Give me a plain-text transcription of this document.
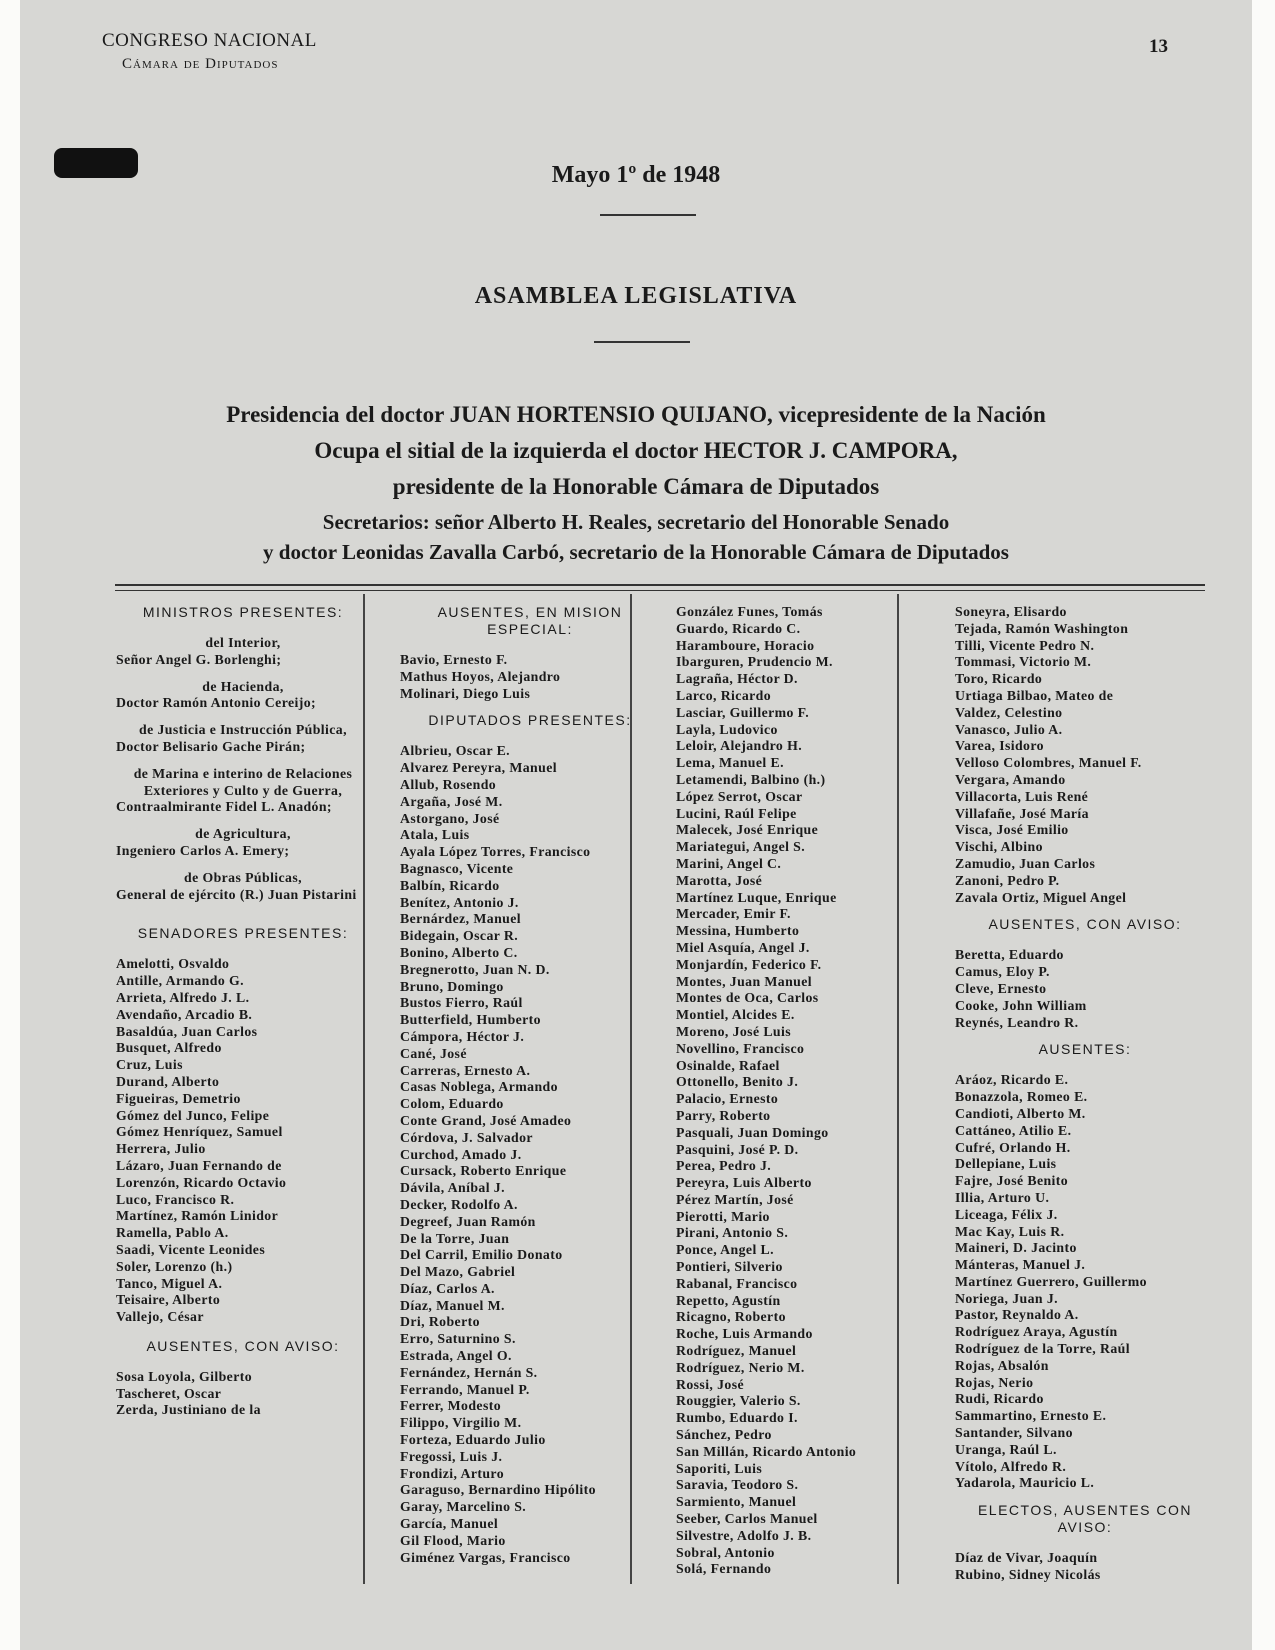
CONGRESO NACIONAL
Cámara de Diputados
13
Mayo 1º de 1948
ASAMBLEA LEGISLATIVA
Presidencia del doctor JUAN HORTENSIO QUIJANO, vicepresidente de la Nación
Ocupa el sitial de la izquierda el doctor HECTOR J. CAMPORA,
presidente de la Honorable Cámara de Diputados
Secretarios: señor Alberto H. Reales, secretario del Honorable Senado
y doctor Leonidas Zavalla Carbó, secretario de la Honorable Cámara de Diputados
MINISTROS PRESENTES:
del Interior,
Señor Angel G. Borlenghi;
de Hacienda,
Doctor Ramón Antonio Cereijo;
de Justicia e Instrucción Pública,
Doctor Belisario Gache Pirán;
de Marina e interino de Relaciones Exteriores y Culto y de Guerra,
Contraalmirante Fidel L. Anadón;
de Agricultura,
Ingeniero Carlos A. Emery;
de Obras Públicas,
General de ejército (R.) Juan Pistarini
SENADORES PRESENTES:
Amelotti, Osvaldo
Antille, Armando G.
Arrieta, Alfredo J. L.
Avendaño, Arcadio B.
Basaldúa, Juan Carlos
Busquet, Alfredo
Cruz, Luis
Durand, Alberto
Figueiras, Demetrio
Gómez del Junco, Felipe
Gómez Henríquez, Samuel
Herrera, Julio
Lázaro, Juan Fernando de
Lorenzón, Ricardo Octavio
Luco, Francisco R.
Martínez, Ramón Linidor
Ramella, Pablo A.
Saadi, Vicente Leonides
Soler, Lorenzo (h.)
Tanco, Miguel A.
Teisaire, Alberto
Vallejo, César
AUSENTES, CON AVISO:
Sosa Loyola, Gilberto
Tascheret, Oscar
Zerda, Justiniano de la
AUSENTES, EN MISION ESPECIAL:
Bavio, Ernesto F.
Mathus Hoyos, Alejandro
Molinari, Diego Luis
DIPUTADOS PRESENTES:
Albrieu, Oscar E.
Alvarez Pereyra, Manuel
Allub, Rosendo
Argaña, José M.
Astorgano, José
Atala, Luis
Ayala López Torres, Francisco
Bagnasco, Vicente
Balbín, Ricardo
Benítez, Antonio J.
Bernárdez, Manuel
Bidegain, Oscar R.
Bonino, Alberto C.
Bregnerotto, Juan N. D.
Bruno, Domingo
Bustos Fierro, Raúl
Butterfield, Humberto
Cámpora, Héctor J.
Cané, José
Carreras, Ernesto A.
Casas Noblega, Armando
Colom, Eduardo
Conte Grand, José Amadeo
Córdova, J. Salvador
Curchod, Amado J.
Cursack, Roberto Enrique
Dávila, Aníbal J.
Decker, Rodolfo A.
Degreef, Juan Ramón
De la Torre, Juan
Del Carril, Emilio Donato
Del Mazo, Gabriel
Díaz, Carlos A.
Díaz, Manuel M.
Dri, Roberto
Erro, Saturnino S.
Estrada, Angel O.
Fernández, Hernán S.
Ferrando, Manuel P.
Ferrer, Modesto
Filippo, Virgilio M.
Forteza, Eduardo Julio
Fregossi, Luis J.
Frondizi, Arturo
Garaguso, Bernardino Hipólito
Garay, Marcelino S.
García, Manuel
Gil Flood, Mario
Giménez Vargas, Francisco
González Funes, Tomás
Guardo, Ricardo C.
Haramboure, Horacio
Ibarguren, Prudencio M.
Lagraña, Héctor D.
Larco, Ricardo
Lasciar, Guillermo F.
Layla, Ludovico
Leloir, Alejandro H.
Lema, Manuel E.
Letamendi, Balbino (h.)
López Serrot, Oscar
Lucini, Raúl Felipe
Malecek, José Enrique
Mariategui, Angel S.
Marini, Angel C.
Marotta, José
Martínez Luque, Enrique
Mercader, Emir F.
Messina, Humberto
Miel Asquía, Angel J.
Monjardín, Federico F.
Montes, Juan Manuel
Montes de Oca, Carlos
Montiel, Alcides E.
Moreno, José Luis
Novellino, Francisco
Osinalde, Rafael
Ottonello, Benito J.
Palacio, Ernesto
Parry, Roberto
Pasquali, Juan Domingo
Pasquini, José P. D.
Perea, Pedro J.
Pereyra, Luis Alberto
Pérez Martín, José
Pierotti, Mario
Pirani, Antonio S.
Ponce, Angel L.
Pontieri, Silverio
Rabanal, Francisco
Repetto, Agustín
Ricagno, Roberto
Roche, Luis Armando
Rodríguez, Manuel
Rodríguez, Nerio M.
Rossi, José
Rouggier, Valerio S.
Rumbo, Eduardo I.
Sánchez, Pedro
San Millán, Ricardo Antonio
Saporiti, Luis
Saravia, Teodoro S.
Sarmiento, Manuel
Seeber, Carlos Manuel
Silvestre, Adolfo J. B.
Sobral, Antonio
Solá, Fernando
Soneyra, Elisardo
Tejada, Ramón Washington
Tilli, Vicente Pedro N.
Tommasi, Victorio M.
Toro, Ricardo
Urtiaga Bilbao, Mateo de
Valdez, Celestino
Vanasco, Julio A.
Varea, Isidoro
Velloso Colombres, Manuel F.
Vergara, Amando
Villacorta, Luis René
Villafañe, José María
Visca, José Emilio
Vischi, Albino
Zamudio, Juan Carlos
Zanoni, Pedro P.
Zavala Ortiz, Miguel Angel
AUSENTES, CON AVISO:
Beretta, Eduardo
Camus, Eloy P.
Cleve, Ernesto
Cooke, John William
Reynés, Leandro R.
AUSENTES:
Aráoz, Ricardo E.
Bonazzola, Romeo E.
Candioti, Alberto M.
Cattáneo, Atilio E.
Cufré, Orlando H.
Dellepiane, Luis
Fajre, José Benito
Illia, Arturo U.
Liceaga, Félix J.
Mac Kay, Luis R.
Maineri, D. Jacinto
Mánteras, Manuel J.
Martínez Guerrero, Guillermo
Noriega, Juan J.
Pastor, Reynaldo A.
Rodríguez Araya, Agustín
Rodríguez de la Torre, Raúl
Rojas, Absalón
Rojas, Nerio
Rudi, Ricardo
Sammartino, Ernesto E.
Santander, Silvano
Uranga, Raúl L.
Vítolo, Alfredo R.
Yadarola, Mauricio L.
ELECTOS, AUSENTES CON AVISO:
Díaz de Vivar, Joaquín
Rubino, Sidney Nicolás
